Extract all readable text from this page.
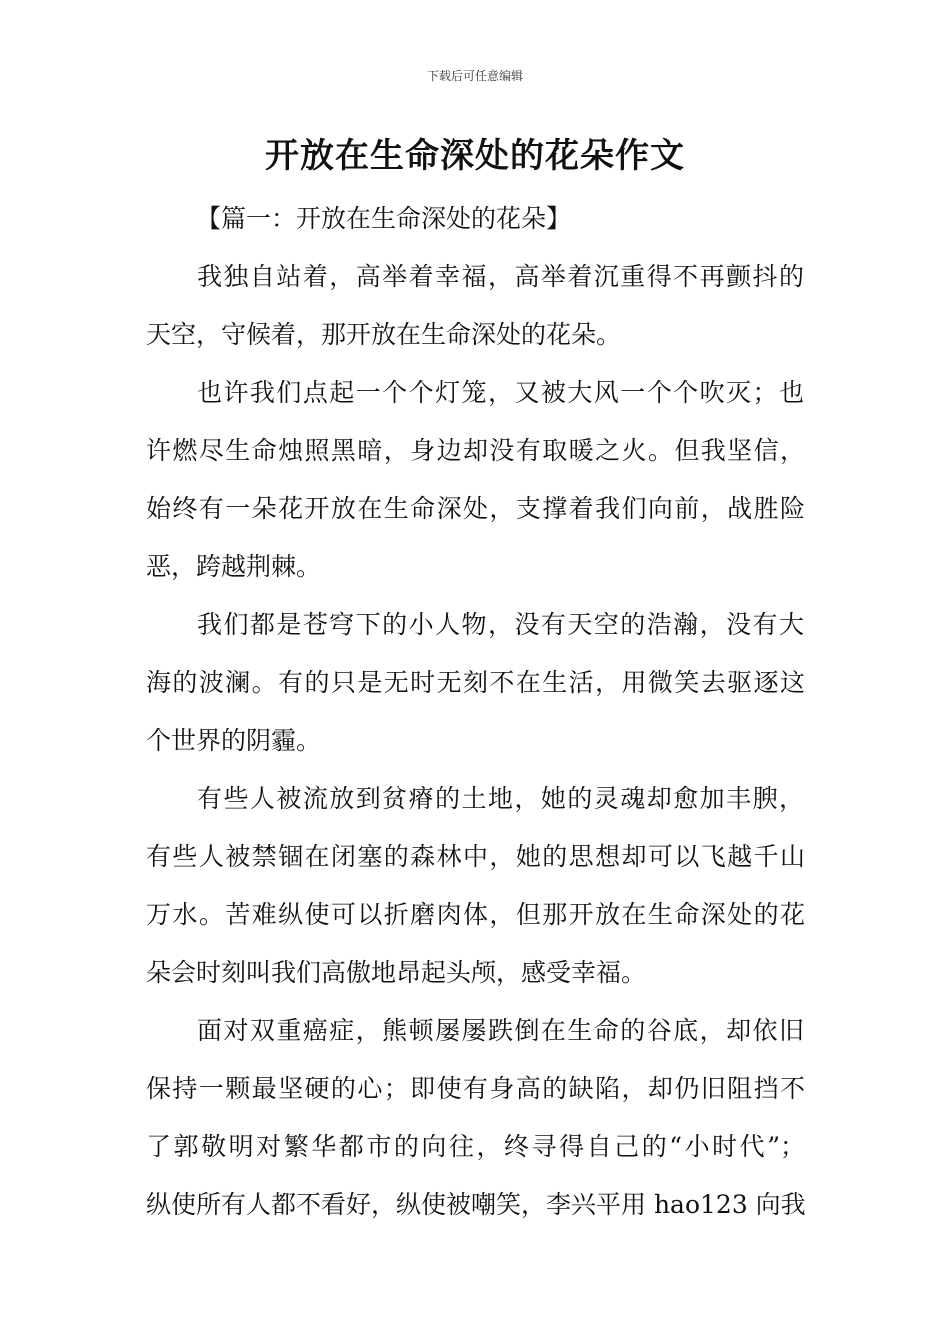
下载后可任意编辑
开放在生命深处的花朵作文
【篇一：开放在生命深处的花朵】
我独自站着，高举着幸福，高举着沉重得不再颤抖的
天空，守候着，那开放在生命深处的花朵。
也许我们点起一个个灯笼，又被大风一个个吹灭；也
许燃尽生命烛照黑暗，身边却没有取暖之火。但我坚信，
始终有一朵花开放在生命深处，支撑着我们向前，战胜险
恶，跨越荆棘。
我们都是苍穹下的小人物，没有天空的浩瀚，没有大
海的波澜。有的只是无时无刻不在生活，用微笑去驱逐这
个世界的阴霾。
有些人被流放到贫瘠的土地，她的灵魂却愈加丰腴，
有些人被禁锢在闭塞的森林中，她的思想却可以飞越千山
万水。苦难纵使可以折磨肉体，但那开放在生命深处的花
朵会时刻叫我们高傲地昂起头颅，感受幸福。
面对双重癌症，熊顿屡屡跌倒在生命的谷底，却依旧
保持一颗最坚硬的心；即使有身高的缺陷，却仍旧阻挡不
了郭敬明对繁华都市的向往，终寻得自己的“小时代”；
纵使所有人都不看好，纵使被嘲笑，李兴平用 hao123 向我
